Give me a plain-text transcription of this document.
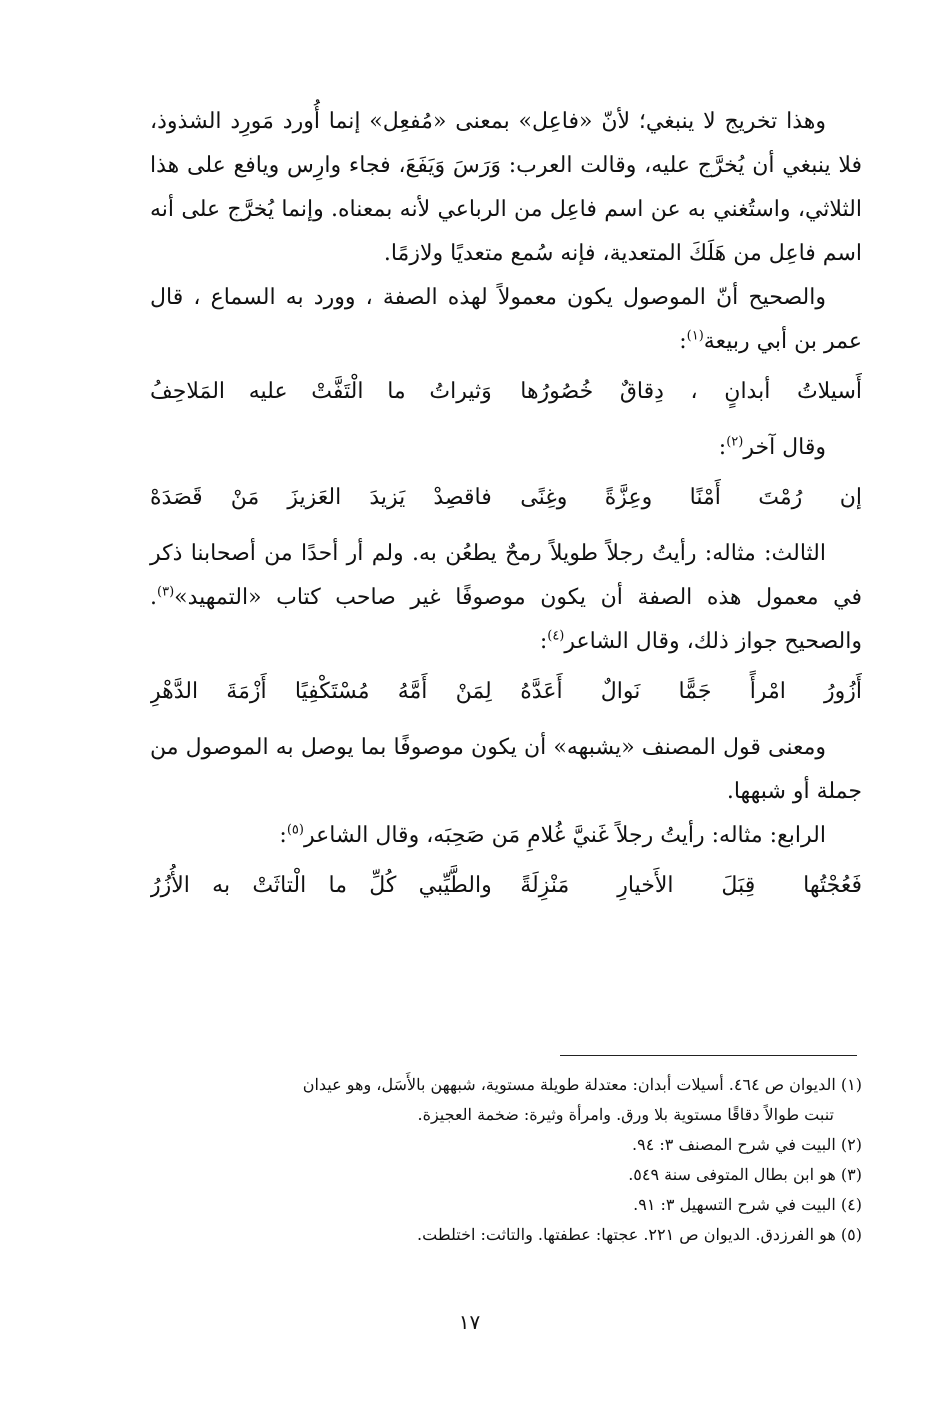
وهذا تخريج لا ينبغي؛ لأنّ «فاعِل» بمعنى «مُفعِل» إنما أُورد مَورِد الشذوذ، فلا ينبغي أن يُخرَّج عليه، وقالت العرب: وَرَسَ وَيَفَعَ، فجاء وارِس ويافع على هذا الثلاثي، واستُغني به عن اسم فاعِل من الرباعي لأنه بمعناه. وإنما يُخرَّج على أنه اسم فاعِل من هَلَكَ المتعدية، فإنه سُمع متعديًا ولازمًا.

والصحيح أنّ الموصول يكون معمولاً لهذه الصفة ، وورد به السماع ، قال عمر بن أبي ربيعة$^{(١)}$:

أَسيلاتُ أبدانٍ ، دِقاقٌ خُصُورُها
وَثيراتُ ما الْتَفَّتْ عليه المَلاحِفُ

وقال آخر$^{(٢)}$:

إن رُمْتَ أَمْنًا وعِزَّةً وغِنًى
فاقصِدْ يَزيدَ العَزيزَ مَنْ قَصَدَهْ

الثالث: مثاله: رأيتُ رجلاً طويلاً رمحٌ يطعُن به. ولم أر أحدًا من أصحابنا ذكر في معمول هذه الصفة أن يكون موصوفًا غير صاحب كتاب «التمهيد»$^{(٣)}$. والصحيح جواز ذلك، وقال الشاعر$^{(٤)}$:

أَزُورُ امْرأً جَمًّا نَوالٌ أَعَدَّهُ
لِمَنْ أَمَّهُ مُسْتَكْفِيًا أَزْمَةَ الدَّهْرِ

ومعنى قول المصنف «يشبهه» أن يكون موصوفًا بما يوصل به الموصول من جملة أو شبهها.

الرابع: مثاله: رأيتُ رجلاً غَنيَّ غُلامِ مَن صَحِبَه، وقال الشاعر$^{(٥)}$:

فَعُجْتُها قِبَلَ الأَخيارِ مَنْزِلَةً
والطَّيِّبي كُلِّ ما الْتاثَتْ به الأُزُرُ

(١) الديوان ص ٤٦٤. أسيلات أبدان: معتدلة طويلة مستوية، شبههن بالأَسَل، وهو عيدان
تنبت طوالاً دقاقًا مستوية بلا ورق. وامرأة وثيرة: ضخمة العجيزة.

(٢) البيت في شرح المصنف ٣: ٩٤.

(٣) هو ابن بطال المتوفى سنة ٥٤٩.

(٤) البيت في شرح التسهيل ٣: ٩١.

(٥) هو الفرزدق. الديوان ص ٢٢١. عجتها: عطفتها. والتاثت: اختلطت.

١٧
